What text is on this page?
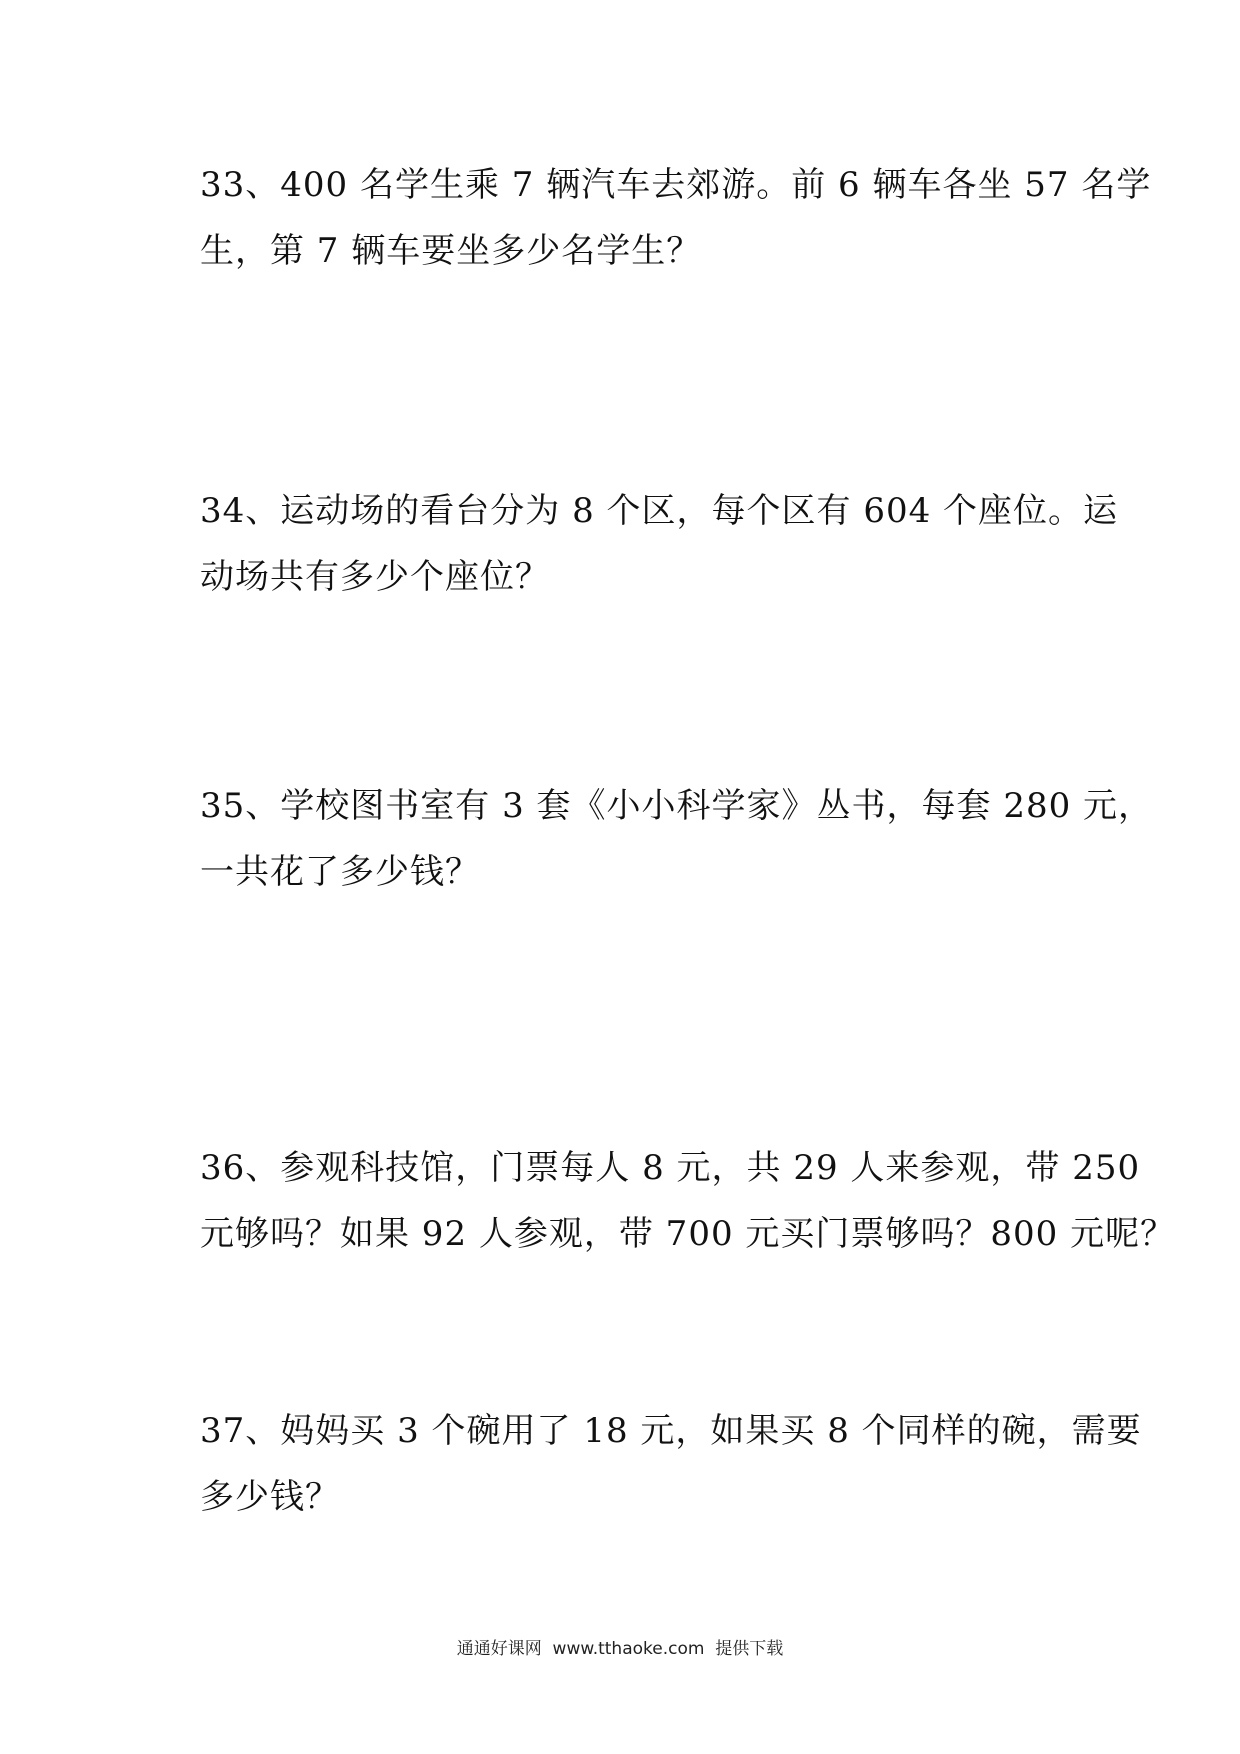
33、400 名学生乘 7 辆汽车去郊游。前 6 辆车各坐 57 名学
生，第 7 辆车要坐多少名学生？
34、运动场的看台分为 8 个区，每个区有 604 个座位。运
动场共有多少个座位？
35、学校图书室有 3 套《小小科学家》丛书，每套 280 元，
一共花了多少钱？
36、参观科技馆，门票每人 8 元，共 29 人来参观，带 250
元够吗？如果 92 人参观，带 700 元买门票够吗？800 元呢？
37、妈妈买 3 个碗用了 18 元，如果买 8 个同样的碗，需要
多少钱？
通通好课网  www.tthaoke.com  提供下载
